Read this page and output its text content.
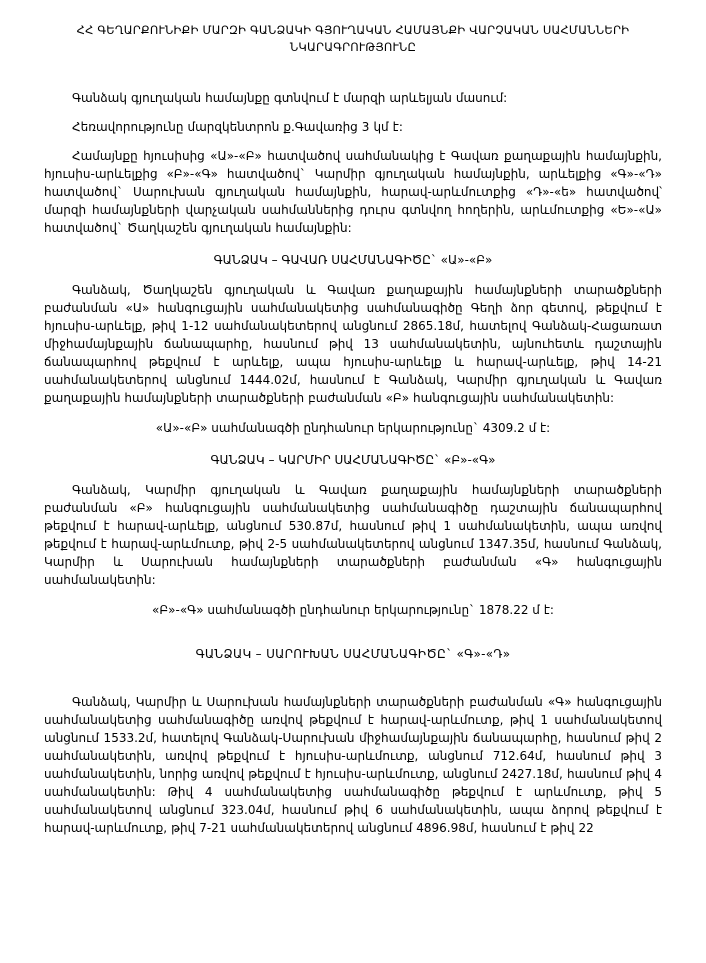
ՀՀ ԳԵՂԱՐՔՈՒՆԻՔԻ ՄԱՐԶԻ ԳԱՆՁԱԿԻ ԳՅՈՒՂԱԿԱՆ ՀԱՄԱՅՆՔԻ ՎԱՐՉԱԿԱՆ ՍԱՀՄԱՆՆԵՐԻ
ՆԿԱՐԱԳՐՈՒԹՅՈՒՆԸ

Գանձակ գյուղական համայնքը գտնվում է մարզի արևելյան մասում:

Հեռավորությունը մարզկենտրոն ք.Գավառից 3 կմ է:

Համայնքը հյուսիսից «Ա»-«Բ» հատվածով սահմանակից է Գավառ քաղաքային համայնքին, հյուսիս-արևելքից «Բ»-«Գ» հատվածով` Կարմիր գյուղական համայնքին, արևելքից «Գ»-«Դ» հատվածով` Սարուխան գյուղական համայնքին, հարավ-արևմուտքից «Դ»-«ե» հատվածով՝ մարզի համայնքների վարչական սահմաններից դուրս գտնվող հողերին, արևմուտքից «Ե»-«Ա» հատվածով` Ծաղկաշեն գյուղական համայնքին:

ԳԱՆՁԱԿ – ԳԱՎԱՌ ՍԱՀՄԱՆԱԳԻԾԸ` «Ա»-«Բ»

Գանձակ, Ծաղկաշեն գյուղական և Գավառ քաղաքային համայնքների տարածքների բաժանման «Ա» հանգուցային սահմանակետից սահմանագիծը Գեղի ձոր գետով, թեքվում է հյուսիս-արևելք, թիվ 1-12 սահմանակետերով անցնում 2865.18մ, հատելով Գանձակ-Հացառատ միջհամայնքային ճանապարհը, հասնում թիվ 13 սահմանակետին, այնուհետև դաշտային ճանապարհով թեքվում է արևելք, ապա հյուսիս-արևելք և հարավ-արևելք, թիվ 14-21 սահմանակետերով անցնում 1444.02մ, հասնում է Գանձակ, Կարմիր գյուղական և Գավառ քաղաքային համայնքների տարածքների բաժանման «Բ» հանգուցային սահմանակետին:

«Ա»-«Բ» սահմանագծի ընդհանուր երկարությունը` 4309.2 մ է:

ԳԱՆՁԱԿ – ԿԱՐՄԻՐ ՍԱՀՄԱՆԱԳԻԾԸ` «Բ»-«Գ»

Գանձակ, Կարմիր գյուղական և Գավառ քաղաքային համայնքների տարածքների բաժանման «Բ» հանգուցային սահմանակետից սահմանագիծը դաշտային ճանապարհով թեքվում է հարավ-արևելք, անցնում 530.87մ, հասնում թիվ 1 սահմանակետին, ապա առվով թեքվում է հարավ-արևմուտք, թիվ 2-5 սահմանակետերով անցնում 1347.35մ, հասնում Գանձակ, Կարմիր և Սարուխան համայնքների տարածքների բաժանման «Գ» հանգուցային սահմանակետին:

«Բ»-«Գ» սահմանագծի ընդհանուր երկարությունը` 1878.22 մ է:

ԳԱՆՁԱԿ – ՍԱՐՈՒԽԱՆ ՍԱՀՄԱՆԱԳԻԾԸ` «Գ»-«Դ»

Գանձակ, Կարմիր և Սարուխան համայնքների տարածքների բաժանման «Գ» հանգուցային սահմանակետից սահմանագիծը առվով թեքվում է հարավ-արևմուտք, թիվ 1 սահմանակետով անցնում 1533.2մ, հատելով Գանձակ-Սարուխան միջհամայնքային ճանապարհը, հասնում թիվ 2 սահմանակետին, առվով թեքվում է հյուսիս-արևմուտք, անցնում 712.64մ, հասնում թիվ 3 սահմանակետին, նորից առվով թեքվում է հյուսիս-արևմուտք, անցնում 2427.18մ, հասնում թիվ 4 սահմանակետին: Թիվ 4 սահմանակետից սահմանագիծը թեքվում է արևմուտք, թիվ 5 սահմանակետով անցնում 323.04մ, հասնում թիվ 6 սահմանակետին, ապա ձորով թեքվում է հարավ-արևմուտք, թիվ 7-21 սահմանակետերով անցնում 4896.98մ, հասնում է թիվ 22
